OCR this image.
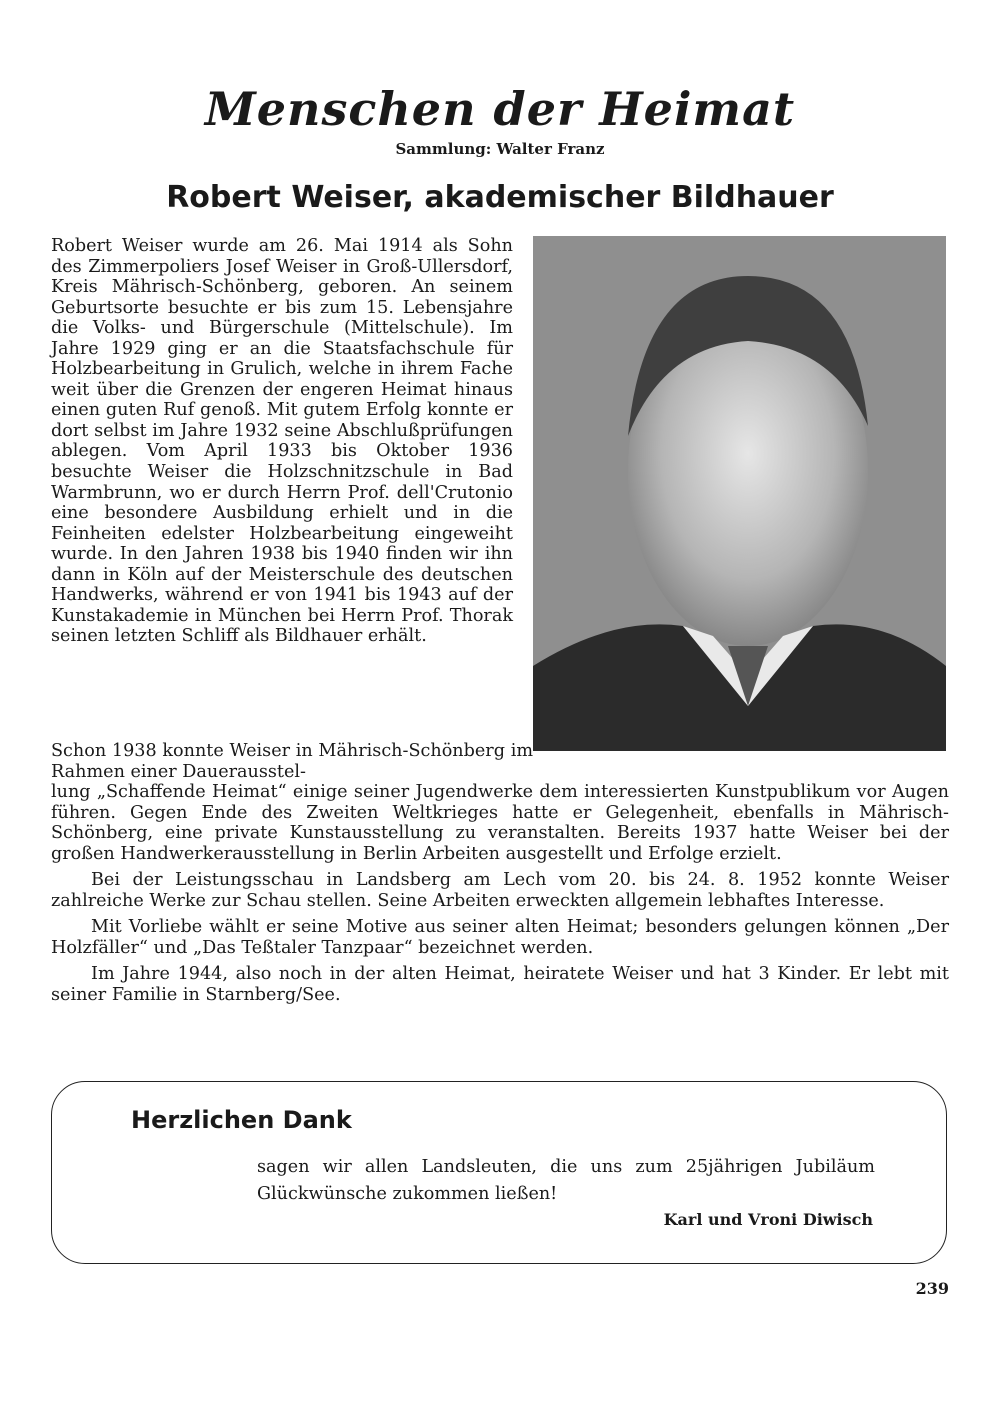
Menschen der Heimat
Sammlung: Walter Franz
Robert Weiser, akademischer Bildhauer

Robert Weiser wurde am 26. Mai 1914 als Sohn des Zimmerpoliers Josef Weiser in Groß-Ullersdorf, Kreis Mährisch-Schönberg, geboren. An seinem Geburtsorte besuchte er bis zum 15. Lebensjahre die Volks- und Bürgerschule (Mittelschule). Im Jahre 1929 ging er an die Staatsfachschule für Holzbearbeitung in Grulich, welche in ihrem Fache weit über die Grenzen der engeren Heimat hinaus einen guten Ruf genoß. Mit gutem Erfolg konnte er dort selbst im Jahre 1932 seine Abschlußprüfungen ablegen. Vom April 1933 bis Oktober 1936 besuchte Weiser die Holzschnitzschule in Bad Warmbrunn, wo er durch Herrn Prof. dell'Crutonio eine besondere Ausbildung erhielt und in die Feinheiten edelster Holzbearbeitung eingeweiht wurde. In den Jahren 1938 bis 1940 finden wir ihn dann in Köln auf der Meisterschule des deutschen Handwerks, während er von 1941 bis 1943 auf der Kunstakademie in München bei Herrn Prof. Thorak seinen letzten Schliff als Bildhauer erhält.

Schon 1938 konnte Weiser in Mährisch-Schönberg im Rahmen einer Dauerausstel-
lung „Schaffende Heimat“ einige seiner Jugendwerke dem interessierten Kunstpublikum vor Augen führen. Gegen Ende des Zweiten Weltkrieges hatte er Gelegenheit, ebenfalls in Mährisch-Schönberg, eine private Kunstausstellung zu veranstalten. Bereits 1937 hatte Weiser bei der großen Handwerkerausstellung in Berlin Arbeiten ausgestellt und Erfolge erzielt.

Bei der Leistungsschau in Landsberg am Lech vom 20. bis 24. 8. 1952 konnte Weiser zahlreiche Werke zur Schau stellen. Seine Arbeiten erweckten allgemein lebhaftes Interesse.

Mit Vorliebe wählt er seine Motive aus seiner alten Heimat; besonders gelungen können „Der Holzfäller“ und „Das Teßtaler Tanzpaar“ bezeichnet werden.

Im Jahre 1944, also noch in der alten Heimat, heiratete Weiser und hat 3 Kinder. Er lebt mit seiner Familie in Starnberg/See.

Herzlichen Dank
sagen wir allen Landsleuten, die uns zum 25jährigen Jubiläum Glückwünsche zukommen ließen!
Karl und Vroni Diwisch
239
